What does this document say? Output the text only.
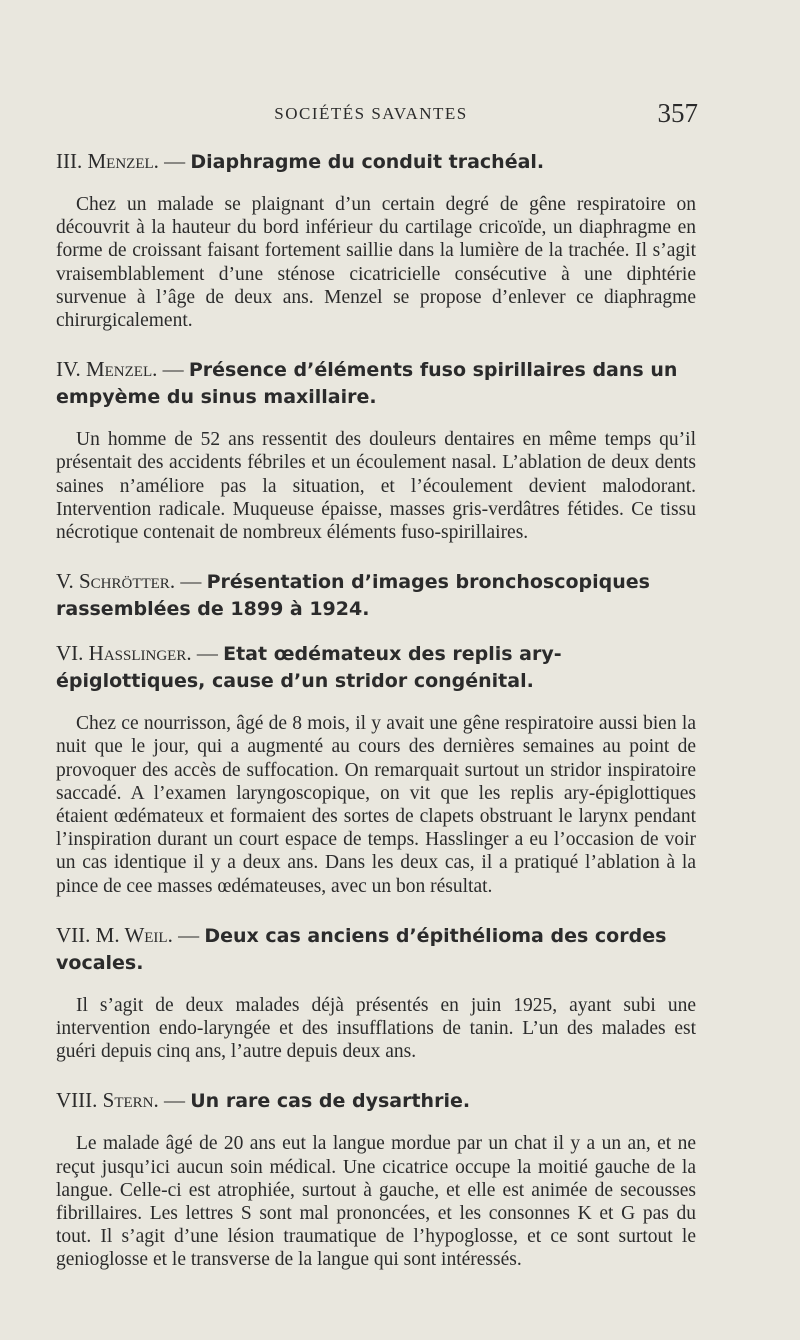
SOCIÉTÉS SAVANTES	357
III. Menzel. — Diaphragme du conduit trachéal.

Chez un malade se plaignant d’un certain degré de gêne respiratoire on découvrit à la hauteur du bord inférieur du cartilage cricoïde, un diaphragme en forme de croissant faisant fortement saillie dans la lumière de la trachée. Il s’agit vraisemblablement d’une sténose cicatricielle consécutive à une diphtérie survenue à l’âge de deux ans. Menzel se propose d’enlever ce diaphragme chirurgicalement.

IV. Menzel. — Présence d’éléments fuso spirillaires dans un empyème du sinus maxillaire.

Un homme de 52 ans ressentit des douleurs dentaires en même temps qu’il présentait des accidents fébriles et un écoulement nasal. L’ablation de deux dents saines n’améliore pas la situation, et l’écoulement devient malodorant. Intervention radicale. Muqueuse épaisse, masses gris-verdâtres fétides. Ce tissu nécrotique contenait de nombreux éléments fuso-spirillaires.

V. Schrötter. — Présentation d’images bronchoscopiques rassemblées de 1899 à 1924.
VI. Hasslinger. — Etat œdémateux des replis ary-épiglottiques, cause d’un stridor congénital.

Chez ce nourrisson, âgé de 8 mois, il y avait une gêne respiratoire aussi bien la nuit que le jour, qui a augmenté au cours des dernières semaines au point de provoquer des accès de suffocation. On remarquait surtout un stridor inspiratoire saccadé. A l’examen laryngoscopique, on vit que les replis ary-épiglottiques étaient œdémateux et formaient des sortes de clapets obstruant le larynx pendant l’inspiration durant un court espace de temps. Hasslinger a eu l’occasion de voir un cas identique il y a deux ans. Dans les deux cas, il a pratiqué l’ablation à la pince de cee masses œdémateuses, avec un bon résultat.

VII. M. Weil. — Deux cas anciens d’épithélioma des cordes vocales.

Il s’agit de deux malades déjà présentés en juin 1925, ayant subi une intervention endo-laryngée et des insufflations de tanin. L’un des malades est guéri depuis cinq ans, l’autre depuis deux ans.

VIII. Stern. — Un rare cas de dysarthrie.

Le malade âgé de 20 ans eut la langue mordue par un chat il y a un an, et ne reçut jusqu’ici aucun soin médical. Une cicatrice occupe la moitié gauche de la langue. Celle-ci est atrophiée, surtout à gauche, et elle est animée de secousses fibrillaires. Les lettres S sont mal prononcées, et les consonnes K et G pas du tout. Il s’agit d’une lésion traumatique de l’hypoglosse, et ce sont surtout le genioglosse et le transverse de la langue qui sont intéressés.
